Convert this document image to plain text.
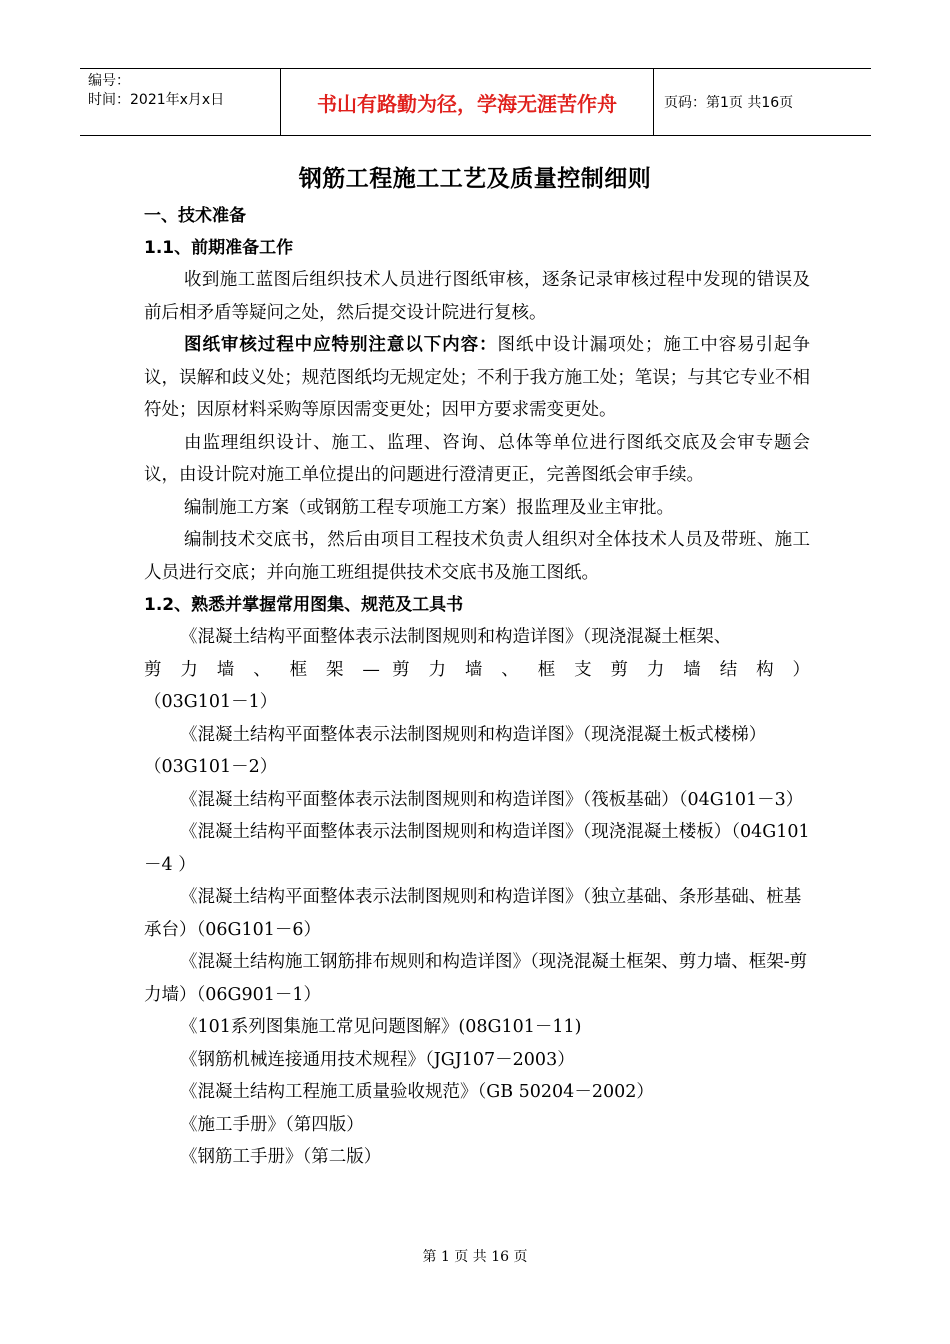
编号：
时间：2021年x月x日	书山有路勤为径，学海无涯苦作舟	页码：第1页 共16页
钢筋工程施工工艺及质量控制细则
一、技术准备
1.1、前期准备工作
收到施工蓝图后组织技术人员进行图纸审核，逐条记录审核过程中发现的错误及前后相矛盾等疑问之处，然后提交设计院进行复核。
图纸审核过程中应特别注意以下内容：图纸中设计漏项处；施工中容易引起争议，误解和歧义处；规范图纸均无规定处；不利于我方施工处；笔误；与其它专业不相符处；因原材料采购等原因需变更处；因甲方要求需变更处。
由监理组织设计、施工、监理、咨询、总体等单位进行图纸交底及会审专题会议，由设计院对施工单位提出的问题进行澄清更正，完善图纸会审手续。
编制施工方案（或钢筋工程专项施工方案）报监理及业主审批。
编制技术交底书，然后由项目工程技术负责人组织对全体技术人员及带班、施工人员进行交底；并向施工班组提供技术交底书及施工图纸。
1.2、熟悉并掌握常用图集、规范及工具书
《混凝土结构平面整体表示法制图规则和构造详图》（现浇混凝土框架、
剪 力 墙 、 框 架 — 剪 力 墙 、 框 支 剪 力 墙 结 构 ）
（03G101－1）
《混凝土结构平面整体表示法制图规则和构造详图》（现浇混凝土板式楼梯） （03G101－2）
《混凝土结构平面整体表示法制图规则和构造详图》（筏板基础）（04G101－3）
《混凝土结构平面整体表示法制图规则和构造详图》（现浇混凝土楼板）（04G101－4 ）
《混凝土结构平面整体表示法制图规则和构造详图》（独立基础、条形基础、桩基承台）（06G101－6）
《混凝土结构施工钢筋排布规则和构造详图》（现浇混凝土框架、剪力墙、框架-剪力墙）（06G901－1）
《101系列图集施工常见问题图解》(08G101－11)
《钢筋机械连接通用技术规程》（JGJ107－2003）
《混凝土结构工程施工质量验收规范》（GB 50204－2002）
《施工手册》（第四版）
《钢筋工手册》（第二版）
第 1 页 共 16 页
